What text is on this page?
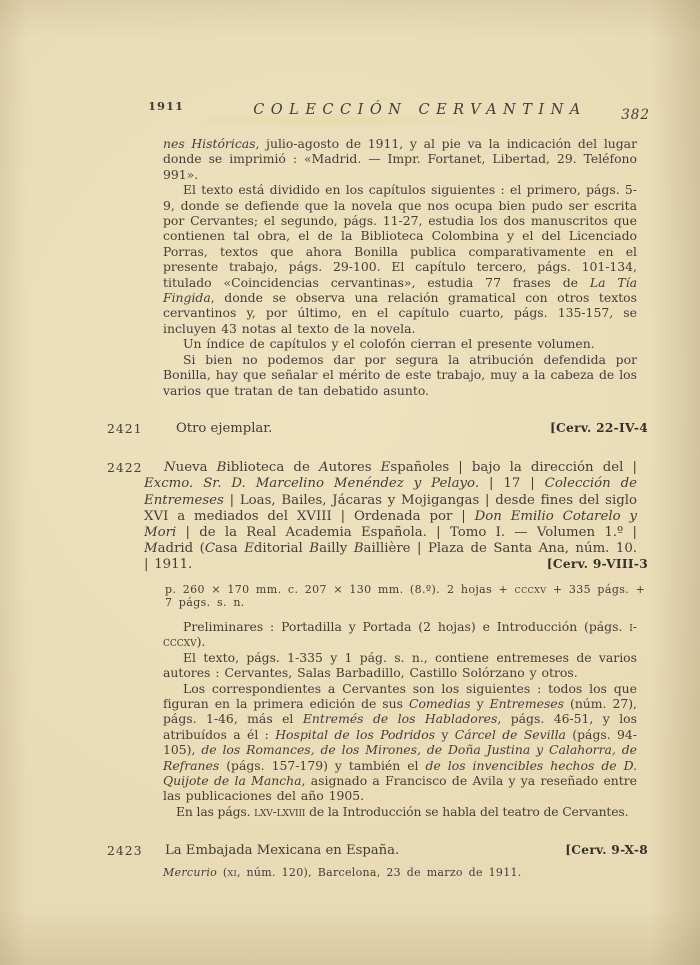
1911	COLECCIÓN CERVANTINA	382
nes Históricas, julio-agosto de 1911, y al pie va la indicación del lugar donde se imprimió : «Madrid. — Impr. Fortanet, Libertad, 29. Teléfono 991».
El texto está dividido en los capítulos siguientes : el primero, págs. 5-9, donde se defiende que la novela que nos ocupa bien pudo ser escrita por Cervantes; el segundo, págs. 11-27, estudia los dos manuscritos que contienen tal obra, el de la Biblioteca Colombina y el del Licenciado Porras, textos que ahora Bonilla publica comparativamente en el presente trabajo, págs. 29-100. El capítulo tercero, págs. 101-134, titulado «Coincidencias cervantinas», estudia 77 frases de La Tía Fingida, donde se observa una relación gramatical con otros textos cervantinos y, por último, en el capítulo cuarto, págs. 135-157, se incluyen 43 notas al texto de la novela.
Un índice de capítulos y el colofón cierran el presente volumen.
Si bien no podemos dar por segura la atribución defendida por Bonilla, hay que señalar el mérito de este trabajo, muy a la cabeza de los varios que tratan de tan debatido asunto.
2421	Otro ejemplar.	[Cerv. 22-IV-4
2422	Nueva Biblioteca de Autores Españoles | bajo la dirección del | Excmo. Sr. D. Marcelino Menéndez y Pelayo. | 17 | Colección de Entremeses | Loas, Bailes, Jácaras y Mojigangas | desde fines del siglo XVI a mediados del XVIII | Ordenada por | Don Emilio Cotarelo y Mori | de la Real Academia Española. | Tomo I. — Volumen 1.º | Madrid (Casa Editorial Bailly Baillière | Plaza de Santa Ana, núm. 10. | 1911.	[Cerv. 9-VIII-3
p. 260 × 170 mm. c. 207 × 130 mm. (8.º). 2 hojas + cccxv + 335 págs. + 7 págs. s. n.
Preliminares : Portadilla y Portada (2 hojas) e Introducción (págs. i-cccxv).
El texto, págs. 1-335 y 1 pág. s. n., contiene entremeses de varios autores : Cervantes, Salas Barbadillo, Castillo Solórzano y otros.
Los correspondientes a Cervantes son los siguientes : todos los que figuran en la primera edición de sus Comedias y Entremeses (núm. 27), págs. 1-46, más el Entremés de los Habladores, págs. 46-51, y los atribuídos a él : Hospital de los Podridos y Cárcel de Sevilla (págs. 94-105), de los Romances, de los Mirones, de Doña Justina y Calahorra, de Refranes (págs. 157-179) y también el de los invencibles hechos de D. Quijote de la Mancha, asignado a Francisco de Avila y ya reseñado entre las publicaciones del año 1905.
En las págs. lxv-lxviii de la Introducción se habla del teatro de Cervantes.
2423 La Embajada Mexicana en España.	[Cerv. 9-X-8
Mercurio (xi, núm. 120), Barcelona, 23 de marzo de 1911.
